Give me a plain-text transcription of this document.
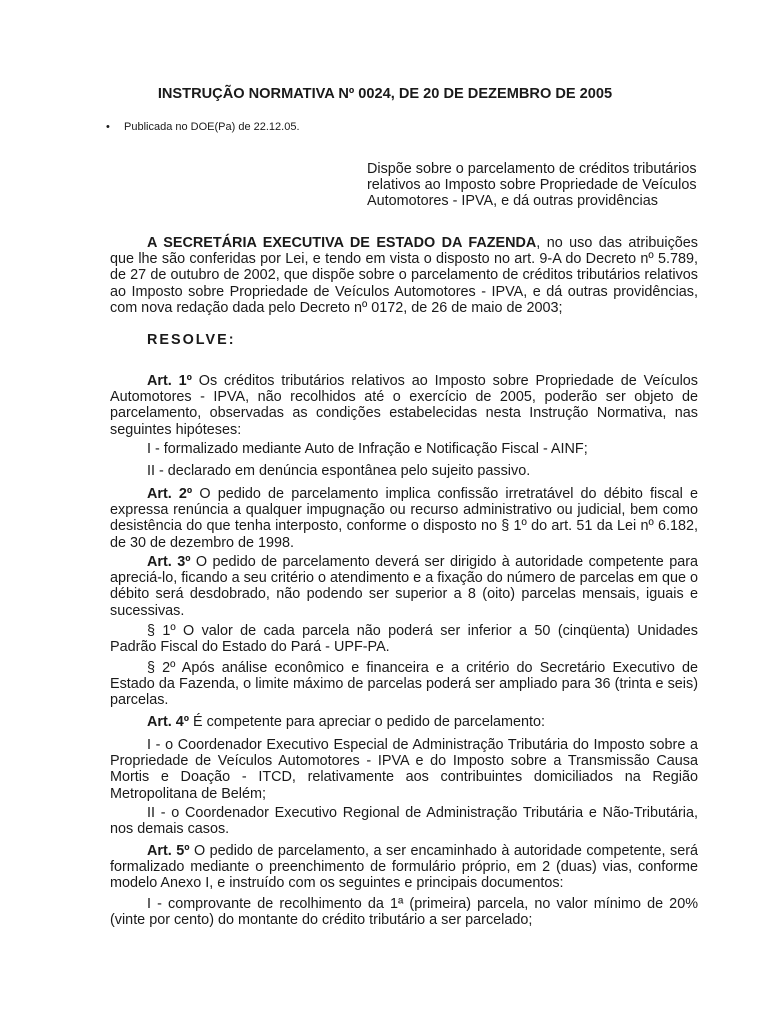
INSTRUÇÃO NORMATIVA Nº 0024, DE 20 DE DEZEMBRO DE 2005
• Publicada no DOE(Pa) de 22.12.05.
Dispõe sobre o parcelamento de créditos tributários relativos ao Imposto sobre Propriedade de Veículos Automotores - IPVA, e dá outras providências

A SECRETÁRIA EXECUTIVA DE ESTADO DA FAZENDA, no uso das atribuições que lhe são conferidas por Lei, e tendo em vista o disposto no art. 9-A do Decreto nº 5.789, de 27 de outubro de 2002, que dispõe sobre o parcelamento de créditos tributários relativos ao Imposto sobre Propriedade de Veículos Automotores - IPVA, e dá outras providências, com nova redação dada pelo Decreto nº 0172, de 26 de maio de 2003;

RESOLVE:

Art. 1º Os créditos tributários relativos ao Imposto sobre Propriedade de Veículos Automotores - IPVA, não recolhidos até o exercício de 2005, poderão ser objeto de parcelamento, observadas as condições estabelecidas nesta Instrução Normativa, nas seguintes hipóteses:

I - formalizado mediante Auto de Infração e Notificação Fiscal - AINF;

II - declarado em denúncia espontânea pelo sujeito passivo.

Art. 2º O pedido de parcelamento implica confissão irretratável do débito fiscal e expressa renúncia a qualquer impugnação ou recurso administrativo ou judicial, bem como desistência do que tenha interposto, conforme o disposto no § 1º do art. 51 da Lei nº 6.182, de 30 de dezembro de 1998.

Art. 3º O pedido de parcelamento deverá ser dirigido à autoridade competente para apreciá-lo, ficando a seu critério o atendimento e a fixação do número de parcelas em que o débito será desdobrado, não podendo ser superior a 8 (oito) parcelas mensais, iguais e sucessivas.

§ 1º O valor de cada parcela não poderá ser inferior a 50 (cinqüenta) Unidades Padrão Fiscal do Estado do Pará - UPF-PA.

§ 2º Após análise econômico e financeira e a critério do Secretário Executivo de Estado da Fazenda, o limite máximo de parcelas poderá ser ampliado para 36 (trinta e seis) parcelas.

Art. 4º É competente para apreciar o pedido de parcelamento:

I - o Coordenador Executivo Especial de Administração Tributária do Imposto sobre a Propriedade de Veículos Automotores - IPVA e do Imposto sobre a Transmissão Causa Mortis e Doação - ITCD, relativamente aos contribuintes domiciliados na Região Metropolitana de Belém;

II - o Coordenador Executivo Regional de Administração Tributária e Não-Tributária, nos demais casos.

Art. 5º O pedido de parcelamento, a ser encaminhado à autoridade competente, será formalizado mediante o preenchimento de formulário próprio, em 2 (duas) vias, conforme modelo Anexo I, e instruído com os seguintes e principais documentos:

I - comprovante de recolhimento da 1ª (primeira) parcela, no valor mínimo de 20% (vinte por cento) do montante do crédito tributário a ser parcelado;
